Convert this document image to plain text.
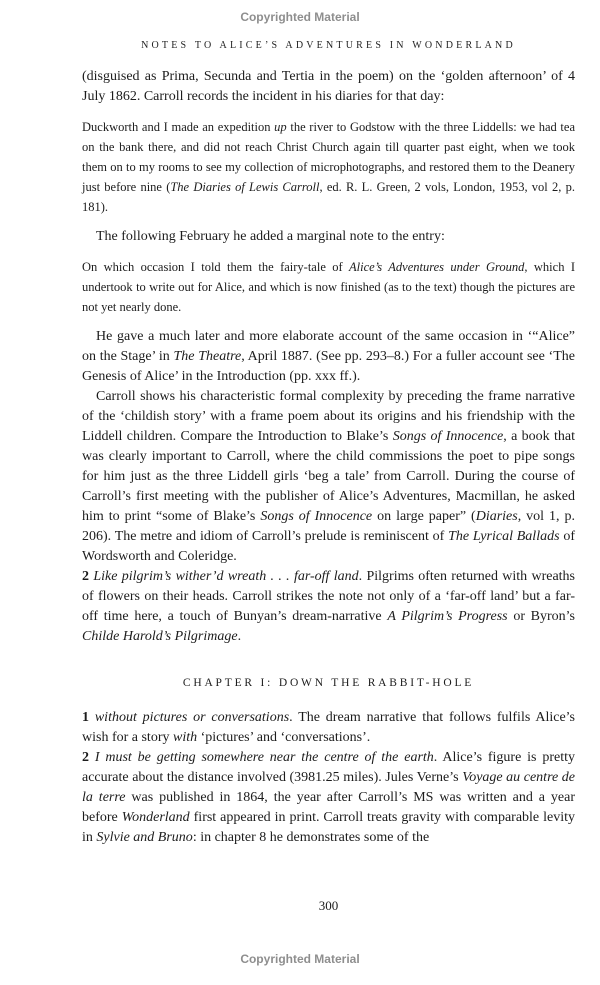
Copyrighted Material
NOTES TO ALICE’S ADVENTURES IN WONDERLAND

(disguised as Prima, Secunda and Tertia in the poem) on the ‘golden afternoon’ of 4 July 1862. Carroll records the incident in his diaries for that day:

Duckworth and I made an expedition up the river to Godstow with the three Liddells: we had tea on the bank there, and did not reach Christ Church again till quarter past eight, when we took them on to my rooms to see my collection of microphotographs, and restored them to the Deanery just before nine (The Diaries of Lewis Carroll, ed. R. L. Green, 2 vols, London, 1953, vol 2, p. 181).

The following February he added a marginal note to the entry:

On which occasion I told them the fairy-tale of Alice’s Adventures under Ground, which I undertook to write out for Alice, and which is now finished (as to the text) though the pictures are not yet nearly done.

He gave a much later and more elaborate account of the same occasion in ‘“Alice” on the Stage’ in The Theatre, April 1887. (See pp. 293–8.) For a fuller account see ‘The Genesis of Alice’ in the Introduction (pp. xxx ff.).

Carroll shows his characteristic formal complexity by preceding the frame narrative of the ‘childish story’ with a frame poem about its origins and his friendship with the Liddell children. Compare the Introduction to Blake’s Songs of Innocence, a book that was clearly important to Carroll, where the child commissions the poet to pipe songs for him just as the three Liddell girls ‘beg a tale’ from Carroll. During the course of Carroll’s first meeting with the publisher of Alice’s Adventures, Macmillan, he asked him to print “some of Blake’s Songs of Innocence on large paper” (Diaries, vol 1, p. 206). The metre and idiom of Carroll’s prelude is reminiscent of The Lyrical Ballads of Wordsworth and Coleridge.

2 Like pilgrim’s wither’d wreath . . . far-off land. Pilgrims often returned with wreaths of flowers on their heads. Carroll strikes the note not only of a ‘far-off land’ but a far-off time here, a touch of Bunyan’s dream-narrative A Pilgrim’s Progress or Byron’s Childe Harold’s Pilgrimage.

CHAPTER I: DOWN THE RABBIT-HOLE

1 without pictures or conversations. The dream narrative that follows fulfils Alice’s wish for a story with ‘pictures’ and ‘conversations’.

2 I must be getting somewhere near the centre of the earth. Alice’s figure is pretty accurate about the distance involved (3981.25 miles). Jules Verne’s Voyage au centre de la terre was published in 1864, the year after Carroll’s MS was written and a year before Wonderland first appeared in print. Carroll treats gravity with comparable levity in Sylvie and Bruno: in chapter 8 he demonstrates some of the

300
Copyrighted Material
